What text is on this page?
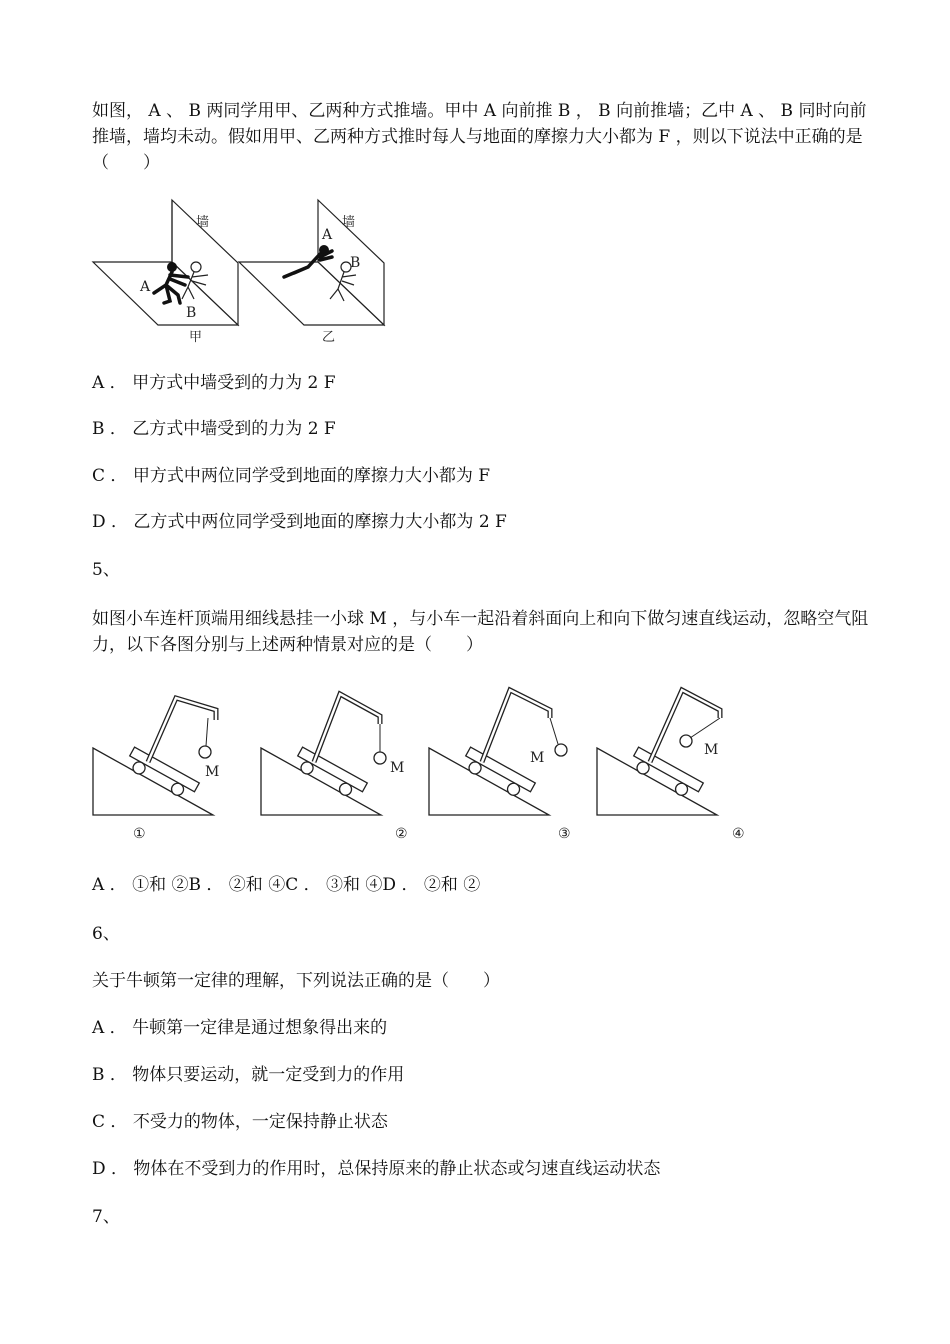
如图， A 、 B 两同学用甲、乙两种方式推墙。甲中 A 向前推 B ， B 向前推墙；乙中 A 、 B 同时向前推墙，墙均未动。假如用甲、乙两种方式推时每人与地面的摩擦力大小都为 F ，则以下说法中正确的是（　　）
墙
A
B
甲
墙
A
B
乙
A ． 甲方式中墙受到的力为 2 F
B ． 乙方式中墙受到的力为 2 F
C ． 甲方式中两位同学受到地面的摩擦力大小都为 F
D ． 乙方式中两位同学受到地面的摩擦力大小都为 2 F
5、
如图小车连杆顶端用细线悬挂一小球 M ，与小车一起沿着斜面向上和向下做匀速直线运动，忽略空气阻力，以下各图分别与上述两种情景对应的是（　　）
M
①
M
②
M
③
M
④
A ． ①和 ②B ． ②和 ④C ． ③和 ④D ． ②和 ②
6、
关于牛顿第一定律的理解，下列说法正确的是（　　）
A ． 牛顿第一定律是通过想象得出来的
B ． 物体只要运动，就一定受到力的作用
C ． 不受力的物体，一定保持静止状态
D ． 物体在不受到力的作用时，总保持原来的静止状态或匀速直线运动状态
7、
